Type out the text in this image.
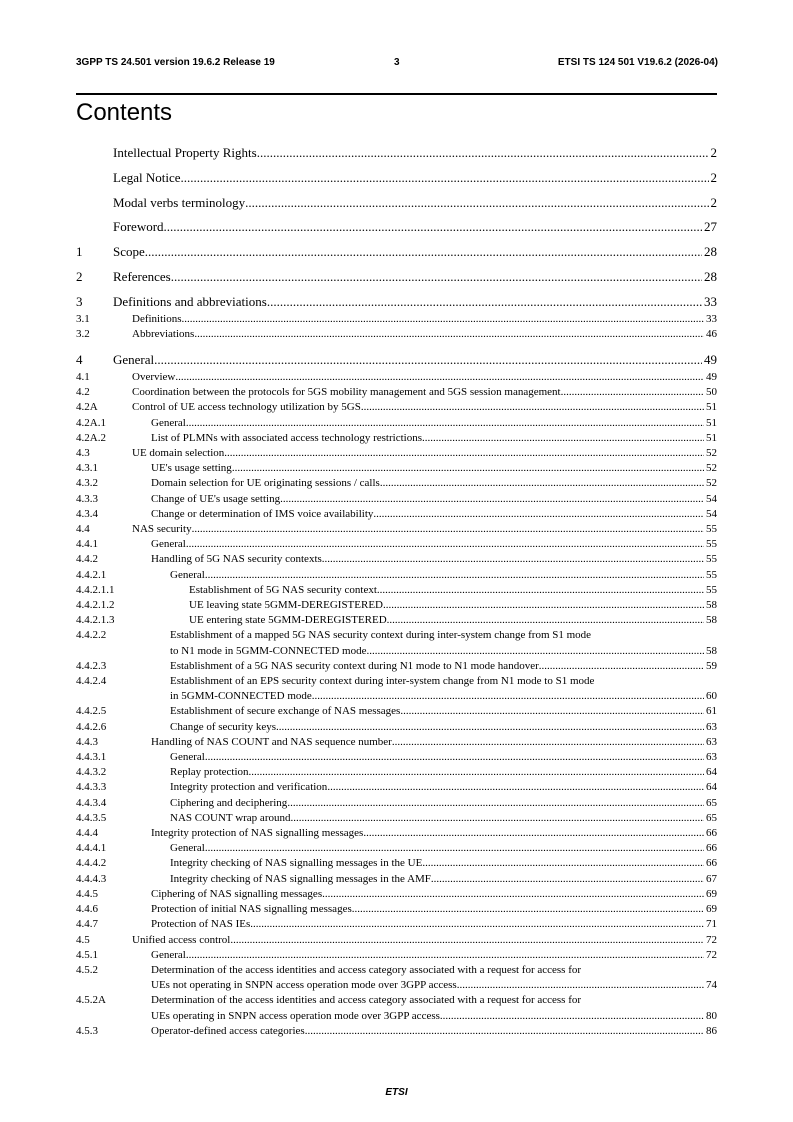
3GPP TS 24.501 version 19.6.2 Release 19	3	ETSI TS 124 501 V19.6.2 (2026-04)
Contents
Intellectual Property Rights .....	2
Legal Notice .....	2
Modal verbs terminology .....	2
Foreword .....	27
1 Scope .....	28
2 References .....	28
3 Definitions and abbreviations .....	33
3.1	Definitions .....	33
3.2	Abbreviations .....	46
4 General .....	49
4.1	Overview .....	49
4.2	Coordination between the protocols for 5GS mobility management and 5GS session management .....	50
4.2A	Control of UE access technology utilization by 5GS .....	51
4.2A.1	General .....	51
4.2A.2	List of PLMNs with associated access technology restrictions .....	51
4.3	UE domain selection .....	52
4.3.1	UE's usage setting .....	52
4.3.2	Domain selection for UE originating sessions / calls .....	52
4.3.3	Change of UE's usage setting .....	54
4.3.4	Change or determination of IMS voice availability .....	54
4.4	NAS security .....	55
4.4.1	General .....	55
4.4.2	Handling of 5G NAS security contexts .....	55
4.4.2.1	General .....	55
4.4.2.1.1	Establishment of 5G NAS security context .....	55
4.4.2.1.2	UE leaving state 5GMM-DEREGISTERED .....	58
4.4.2.1.3	UE entering state 5GMM-DEREGISTERED .....	58
4.4.2.2	Establishment of a mapped 5G NAS security context during inter-system change from S1 mode
to N1 mode in 5GMM-CONNECTED mode .....	58
4.4.2.3	Establishment of a 5G NAS security context during N1 mode to N1 mode handover .....	59
4.4.2.4	Establishment of an EPS security context during inter-system change from N1 mode to S1 mode
in 5GMM-CONNECTED mode .....	60
4.4.2.5	Establishment of secure exchange of NAS messages .....	61
4.4.2.6	Change of security keys .....	63
4.4.3	Handling of NAS COUNT and NAS sequence number .....	63
4.4.3.1	General .....	63
4.4.3.2	Replay protection .....	64
4.4.3.3	Integrity protection and verification .....	64
4.4.3.4	Ciphering and deciphering .....	65
4.4.3.5	NAS COUNT wrap around .....	65
4.4.4	Integrity protection of NAS signalling messages .....	66
4.4.4.1	General .....	66
4.4.4.2	Integrity checking of NAS signalling messages in the UE .....	66
4.4.4.3	Integrity checking of NAS signalling messages in the AMF .....	67
4.4.5	Ciphering of NAS signalling messages .....	69
4.4.6	Protection of initial NAS signalling messages .....	69
4.4.7	Protection of NAS IEs .....	71
4.5	Unified access control .....	72
4.5.1	General .....	72
4.5.2	Determination of the access identities and access category associated with a request for access for
UEs not operating in SNPN access operation mode over 3GPP access .....	74
4.5.2A	Determination of the access identities and access category associated with a request for access for
UEs operating in SNPN access operation mode over 3GPP access .....	80
4.5.3	Operator-defined access categories .....	86
ETSI
